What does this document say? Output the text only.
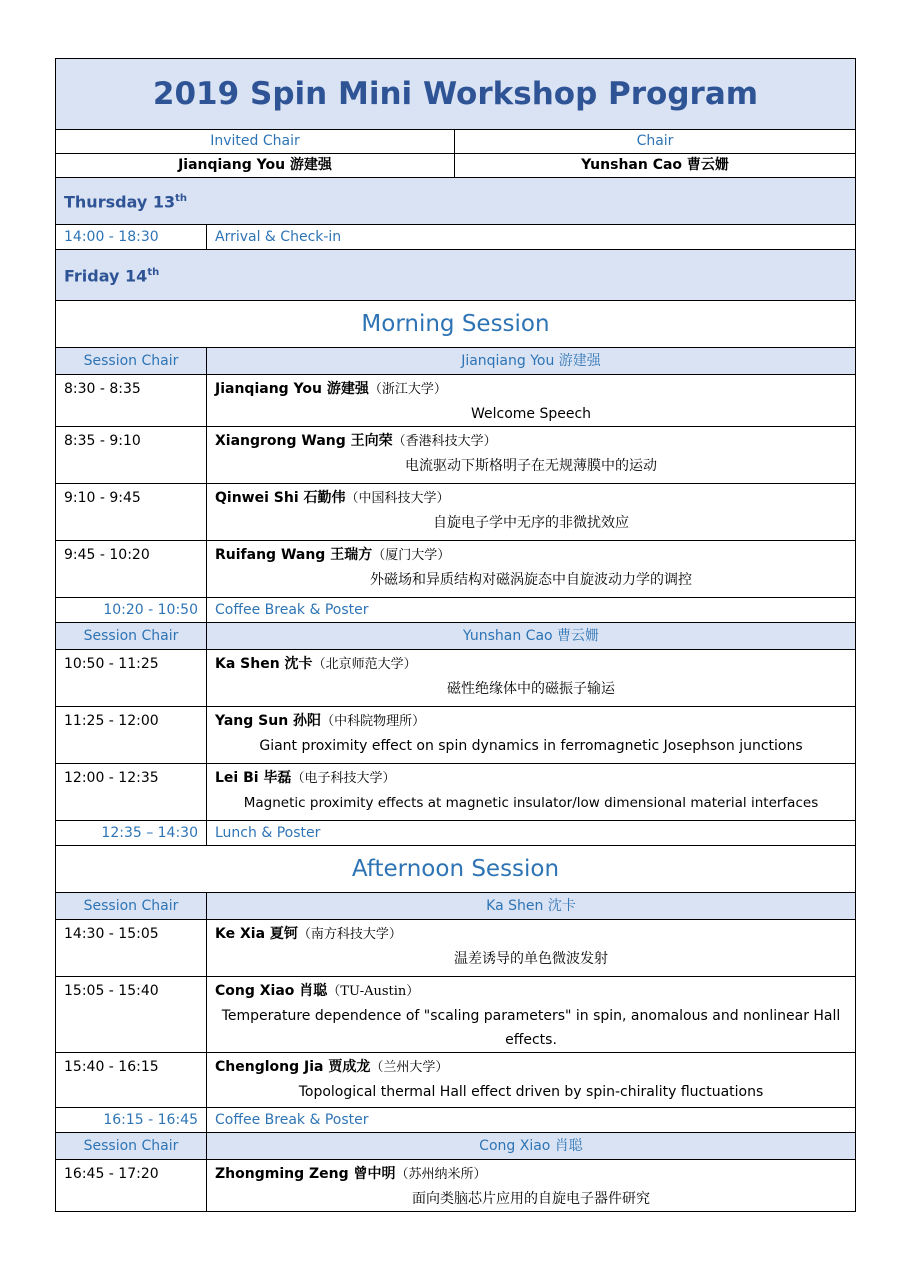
2019 Spin Mini Workshop Program		
Invited Chair		Chair
Jianqiang You 游建强		Yunshan Cao 曹云姗
Thursday 13th
14:00 - 18:30	Arrival & Check-in	
Friday 14th
Morning Session		
Session Chair	Jianqiang You 游建强	
8:30 - 8:35	Jianqiang You 游建强（浙江大学）
Welcome Speech	

8:35 - 9:10	Xiangrong Wang 王向荣（香港科技大学）
电流驱动下斯格明子在无规薄膜中的运动	

9:10 - 9:45	Qinwei Shi 石勤伟（中国科技大学）
自旋电子学中无序的非微扰效应	

9:45 - 10:20	Ruifang Wang 王瑞方（厦门大学）
外磁场和异质结构对磁涡旋态中自旋波动力学的调控	

10:20 - 10:50	Coffee Break & Poster	
Session Chair	Yunshan Cao 曹云姗	
10:50 - 11:25	Ka Shen 沈卡（北京师范大学）
磁性绝缘体中的磁振子输运	

11:25 - 12:00	Yang Sun 孙阳（中科院物理所）
Giant proximity effect on spin dynamics in ferromagnetic Josephson junctions	

12:00 - 12:35	Lei Bi 毕磊（电子科技大学）
Magnetic proximity effects at magnetic insulator/low dimensional material interfaces	

12:35 – 14:30	Lunch & Poster	
Afternoon Session		
Session Chair	Ka Shen 沈卡	
14:30 - 15:05	Ke Xia 夏钶（南方科技大学）
温差诱导的单色微波发射	

15:05 - 15:40	Cong Xiao 肖聪（TU-Austin）
Temperature dependence of "scaling parameters" in spin, anomalous and nonlinear Hall effects.	

15:40 - 16:15	Chenglong Jia 贾成龙（兰州大学）
Topological thermal Hall effect driven by spin-chirality fluctuations	

16:15 - 16:45	Coffee Break & Poster	
Session Chair	Cong Xiao 肖聪	
16:45 - 17:20	Zhongming Zeng 曾中明（苏州纳米所）
面向类脑芯片应用的自旋电子器件研究	
